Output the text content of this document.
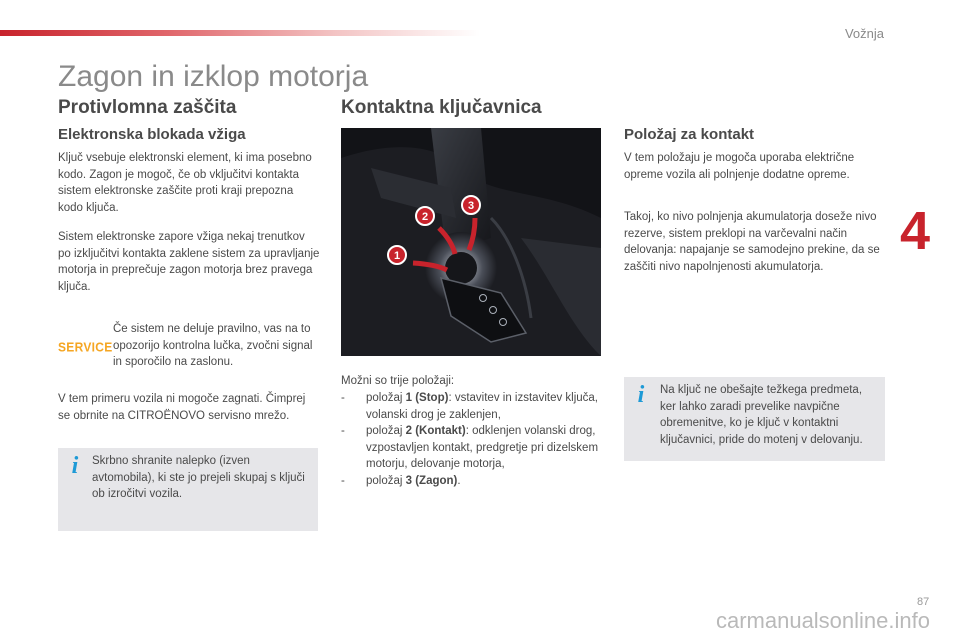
Vožnja
4
Zagon in izklop motorja
Protivlomna zaščita
Elektronska blokada vžiga

Ključ vsebuje elektronski element, ki ima posebno kodo. Zagon je mogoč, če ob vključitvi kontakta sistem elektronske zaščite proti kraji prepozna kodo ključa.

Sistem elektronske zapore vžiga nekaj trenutkov po izključitvi kontakta zaklene sistem za upravljanje motorja in preprečuje zagon motorja brez pravega ključa.

SERVICE

Če sistem ne deluje pravilno, vas na to opozorijo kontrolna lučka, zvočni signal in sporočilo na zaslonu.

V tem primeru vozila ni mogoče zagnati. Čimprej se obrnite na CITROËNOVO servisno mrežo.

i Skrbno shranite nalepko (izven avtomobila), ki ste jo prejeli skupaj s ključi ob izročitvi vozila.

Kontaktna ključavnica
1
2
3

Možni so trije položaji:

- položaj 1 (Stop): vstavitev in izstavitev ključa, volanski drog je zaklenjen,
- položaj 2 (Kontakt): odklenjen volanski drog, vzpostavljen kontakt, predgretje pri dizelskem motorju, delovanje motorja,
- položaj 3 (Zagon).
Položaj za kontakt

V tem položaju je mogoča uporaba električne opreme vozila ali polnjenje dodatne opreme.

Takoj, ko nivo polnjenja akumulatorja doseže nivo rezerve, sistem preklopi na varčevalni način delovanja: napajanje se samodejno prekine, da se zaščiti nivo napolnjenosti akumulatorja.

i Na ključ ne obešajte težkega predmeta, ker lahko zaradi prevelike navpične obremenitve, ko je ključ v kontaktni ključavnici, pride do motenj v delovanju.

87
carmanualsonline.info
